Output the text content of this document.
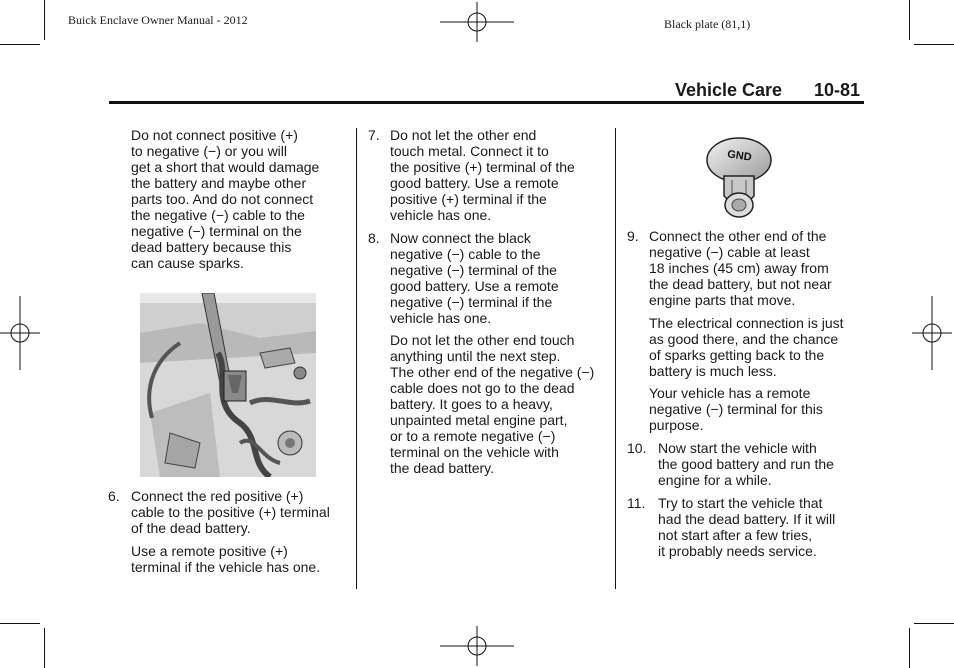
Buick Enclave Owner Manual - 2012	Black plate (81,1)
Vehicle Care 10-81

Do not connect positive (+)

to negative (−) or you will

get a short that would damage

the battery and maybe other

parts too. And do not connect

the negative (−) cable to the

negative (−) terminal on the

dead battery because this

can cause sparks.

6. Connect the red positive (+)

cable to the positive (+) terminal

of the dead battery.

Use a remote positive (+)

terminal if the vehicle has one.

7. Do not let the other end

touch metal. Connect it to

the positive (+) terminal of the

good battery. Use a remote

positive (+) terminal if the

vehicle has one.

8. Now connect the black

negative (−) cable to the

negative (−) terminal of the

good battery. Use a remote

negative (−) terminal if the

vehicle has one.

Do not let the other end touch

anything until the next step.

The other end of the negative (−)

cable does not go to the dead

battery. It goes to a heavy,

unpainted metal engine part,

or to a remote negative (−)

terminal on the vehicle with

the dead battery.

GND
9. Connect the other end of the

negative (−) cable at least

18 inches (45 cm) away from

the dead battery, but not near

engine parts that move.

The electrical connection is just

as good there, and the chance

of sparks getting back to the

battery is much less.

Your vehicle has a remote

negative (−) terminal for this

purpose.

10. Now start the vehicle with

the good battery and run the

engine for a while.

11. Try to start the vehicle that

had the dead battery. If it will

not start after a few tries,

it probably needs service.
